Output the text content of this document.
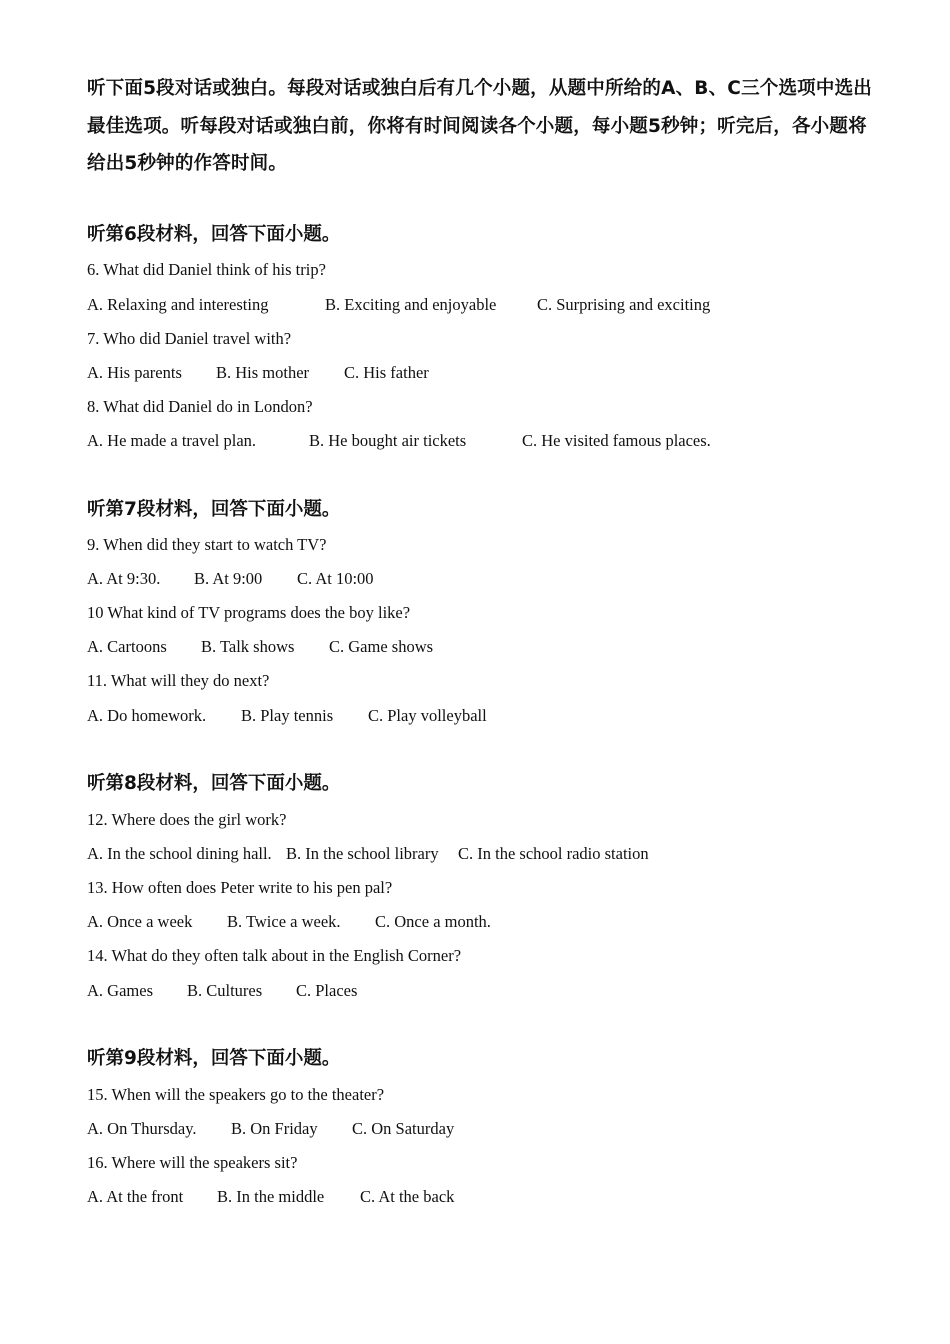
听下面5段对话或独白。每段对话或独白后有几个小题，从题中所给的A、B、C三个选项中选出最佳选项。听每段对话或独白前，你将有时间阅读各个小题，每小题5秒钟；听完后，各小题将给出5秒钟的作答时间。
听第6段材料，回答下面小题。
6. What did Daniel think of his trip?
A. Relaxing and interesting	B. Exciting and enjoyable C. Surprising and exciting
7. Who did Daniel travel with?
A. His parents B. His mother C. His father
8. What did Daniel do in London?
A. He made a travel plan.	B. He bought air tickets	C. He visited famous places.
听第7段材料，回答下面小题。
9. When did they start to watch TV?
A. At 9:30. B. At 9:00 C. At 10:00
10 What kind of TV programs does the boy like?
A. Cartoons B. Talk shows C. Game shows
11. What will they do next?
A. Do homework. B. Play tennis C. Play volleyball
听第8段材料，回答下面小题。
12. Where does the girl work?
A. In the school dining hall. B. In the school library C. In the school radio station
13. How often does Peter write to his pen pal?
A. Once a week B. Twice a week. C. Once a month.
14. What do they often talk about in the English Corner?
A. Games B. Cultures C. Places
听第9段材料，回答下面小题。
15. When will the speakers go to the theater?
A. On Thursday. B. On Friday C. On Saturday
16. Where will the speakers sit?
A. At the front B. In the middle C. At the back
